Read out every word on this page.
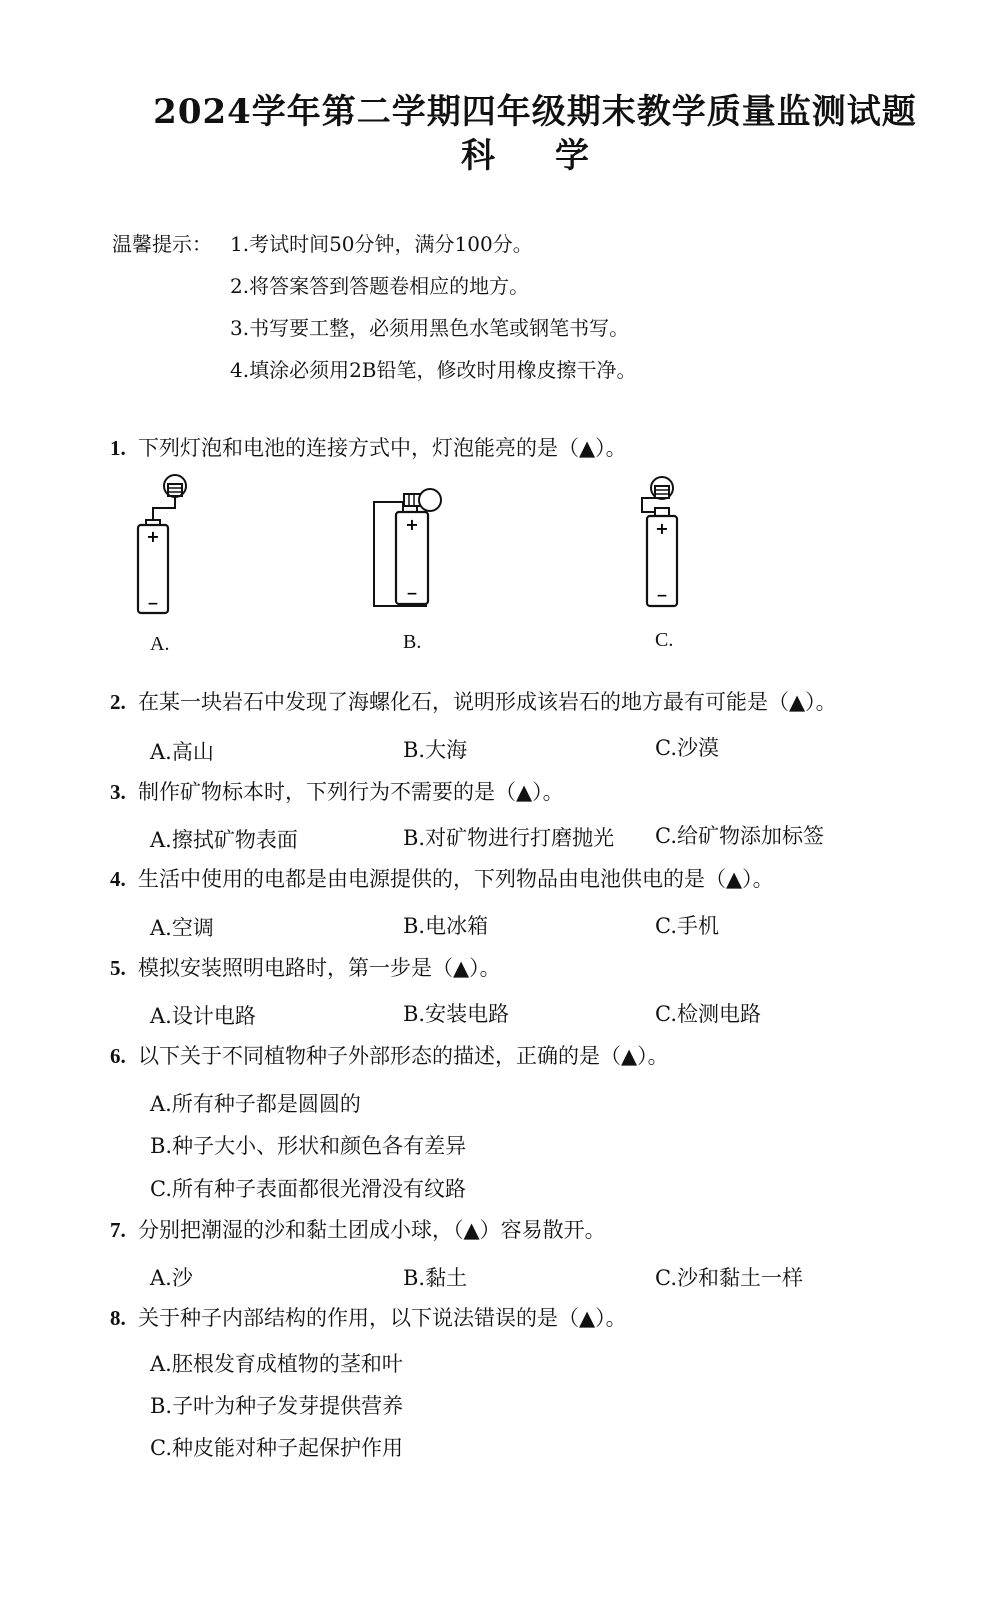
2024学年第二学期四年级期末教学质量监测试题
科学
温馨提示： 1.考试时间50分钟，满分100分。
2.将答案答到答题卷相应的地方。
3.书写要工整，必须用黑色水笔或钢笔书写。
4.填涂必须用2B铅笔，修改时用橡皮擦干净。
1. 下列灯泡和电池的连接方式中，灯泡能亮的是（▲）。
+
−
A.
+
−
B.
+
−
C.
2. 在某一块岩石中发现了海螺化石，说明形成该岩石的地方最有可能是（▲）。
A.高山	B.大海	C.沙漠
3. 制作矿物标本时，下列行为不需要的是（▲）。
A.擦拭矿物表面	B.对矿物进行打磨抛光 C.给矿物添加标签
4. 生活中使用的电都是由电源提供的，下列物品由电池供电的是（▲）。
A.空调	B.电冰箱	C.手机
5. 模拟安装照明电路时，第一步是（▲）。
A.设计电路	B.安装电路	C.检测电路
6. 以下关于不同植物种子外部形态的描述，正确的是（▲）。
A.所有种子都是圆圆的
B.种子大小、形状和颜色各有差异
C.所有种子表面都很光滑没有纹路
7. 分别把潮湿的沙和黏土团成小球，（▲）容易散开。
A.沙	B.黏土	C.沙和黏土一样
8. 关于种子内部结构的作用，以下说法错误的是（▲）。
A.胚根发育成植物的茎和叶
B.子叶为种子发芽提供营养
C.种皮能对种子起保护作用
